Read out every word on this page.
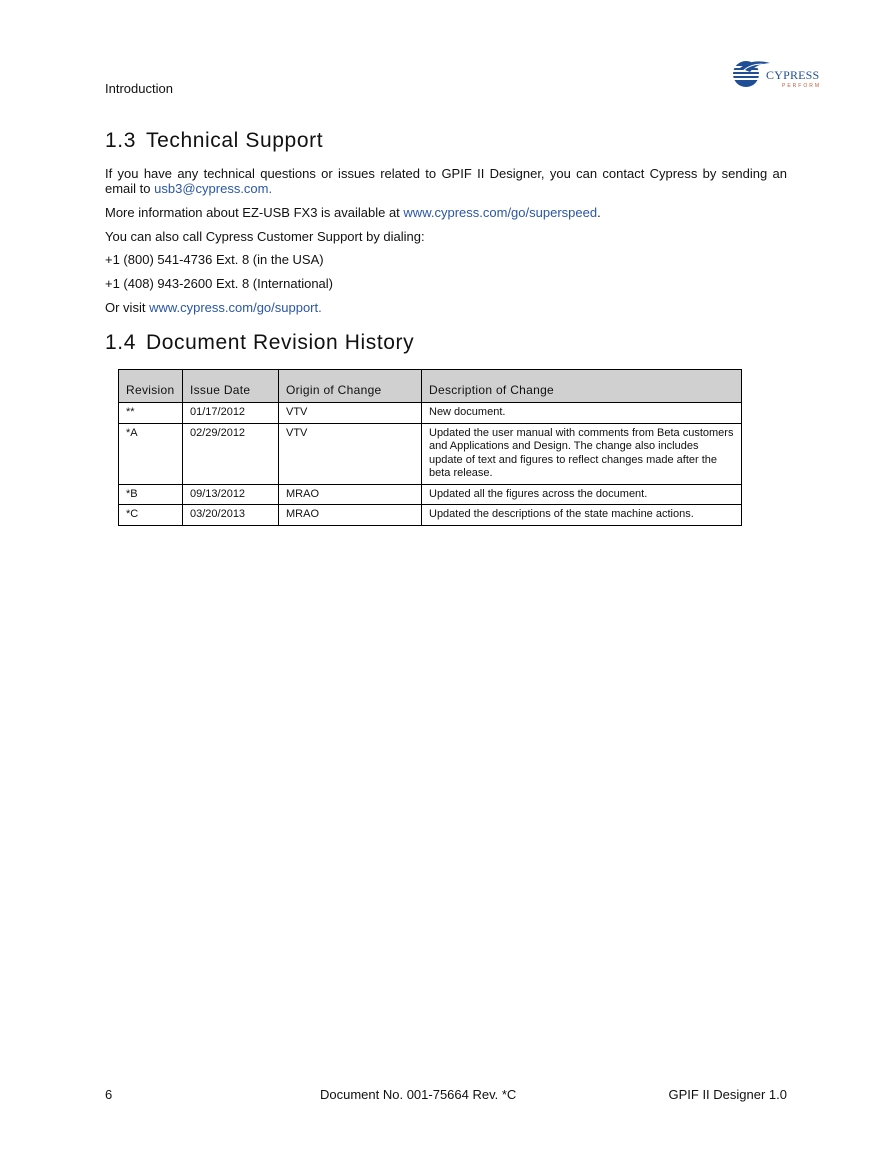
Introduction
CYPRESS
PERFORM
1.3 Technical Support

If you have any technical questions or issues related to GPIF II Designer, you can contact Cypress by sending an email to usb3@cypress.com.

More information about EZ-USB FX3 is available at www.cypress.com/go/superspeed.

You can also call Cypress Customer Support by dialing:

+1 (800) 541-4736 Ext. 8 (in the USA)

+1 (408) 943-2600 Ext. 8 (International)

Or visit www.cypress.com/go/support.

1.4 Document Revision History
Revision	Issue Date	Origin of Change	Description of Change
**	01/17/2012	VTV	New document.
*A	02/29/2012	VTV	Updated the user manual with comments from Beta customers and Applications and Design. The change also includes update of text and figures to reflect changes made after the beta release.
*B	09/13/2012	MRAO	Updated all the figures across the document.
*C	03/20/2013	MRAO	Updated the descriptions of the state machine actions.
6	Document No. 001-75664 Rev. *C	GPIF II Designer 1.0
